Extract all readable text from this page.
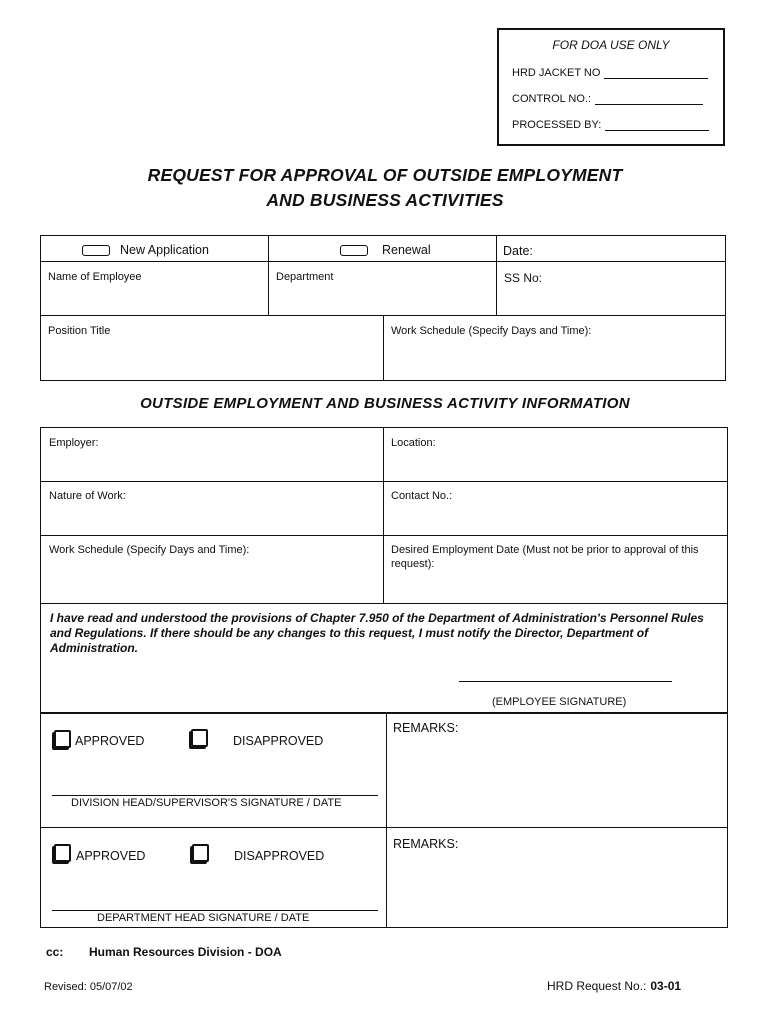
FOR DOA USE ONLY
HRD JACKET NO
CONTROL NO.:
PROCESSED BY:
REQUEST FOR APPROVAL OF OUTSIDE EMPLOYMENT
AND BUSINESS ACTIVITIES
New Application	Renewal	Date:
Name of Employee	Department	SS No:
Position Title	Work Schedule (Specify Days and Time):
OUTSIDE EMPLOYMENT AND BUSINESS ACTIVITY INFORMATION
Employer:	Location:
Nature of Work:	Contact No.:
Work Schedule (Specify Days and Time):	Desired Employment Date (Must not be prior to approval of this request):
I have read and understood the provisions of Chapter 7.950 of the Department of Administration's Personnel Rules and Regulations. If there should be any changes to this request, I must notify the Director, Department of Administration.
(EMPLOYEE SIGNATURE)
APPROVED	DISAPPROVED
REMARKS:
DIVISION HEAD/SUPERVISOR'S SIGNATURE / DATE
APPROVED	DISAPPROVED
REMARKS:
DEPARTMENT HEAD SIGNATURE / DATE
cc: Human Resources Division - DOA
Revised: 05/07/02	HRD Request No.: 03-01
